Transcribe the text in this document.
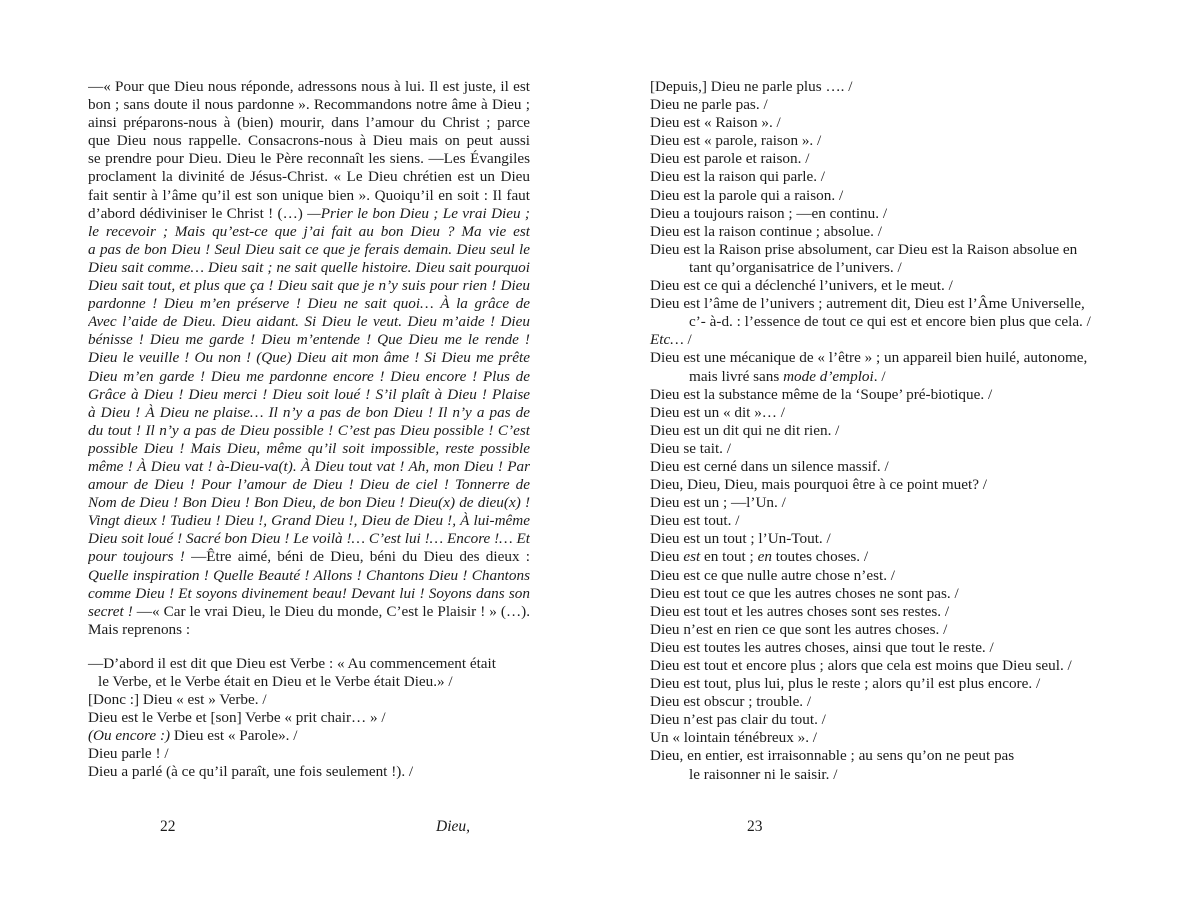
—« Pour que Dieu nous réponde, adressons nous à lui. Il est juste, il est
bon ; sans doute il nous pardonne ». Recommandons notre âme à Dieu ;
ainsi préparons-nous à (bien) mourir, dans l’amour du Christ ; parce
que Dieu nous rappelle. Consacrons-nous à Dieu mais on peut aussi
se prendre pour Dieu. Dieu le Père reconnaît les siens. —Les Évangiles
proclament la divinité de Jésus-Christ. « Le Dieu chrétien est un Dieu
fait sentir à l’âme qu’il est son unique bien ». Quoiqu’il en soit : Il faut
d’abord dédiviniser le Christ ! (…) —Prier le bon Dieu ; Le vrai Dieu ;
le recevoir ; Mais qu’est-ce que j’ai fait au bon Dieu ? Ma vie est
a pas de bon Dieu ! Seul Dieu sait ce que je ferais demain. Dieu seul le
Dieu sait comme… Dieu sait ; ne sait quelle histoire. Dieu sait pourquoi
Dieu sait tout, et plus que ça ! Dieu sait que je n’y suis pour rien ! Dieu
pardonne ! Dieu m’en préserve ! Dieu ne sait quoi… À la grâce de
Avec l’aide de Dieu. Dieu aidant. Si Dieu le veut. Dieu m’aide ! Dieu
bénisse ! Dieu me garde ! Dieu m’entende ! Que Dieu me le rende !
Dieu le veuille ! Ou non ! (Que) Dieu ait mon âme ! Si Dieu me prête
Dieu m’en garde ! Dieu me pardonne encore ! Dieu encore ! Plus de
Grâce à Dieu ! Dieu merci ! Dieu soit loué ! S’il plaît à Dieu ! Plaise
à Dieu ! À Dieu ne plaise… Il n’y a pas de bon Dieu ! Il n’y a pas de
du tout ! Il n’y a pas de Dieu possible ! C’est pas Dieu possible ! C’est
possible Dieu ! Mais Dieu, même qu’il soit impossible, reste possible
même ! À Dieu vat ! à-Dieu-va(t). À Dieu tout vat ! Ah, mon Dieu ! Par
amour de Dieu ! Pour l’amour de Dieu ! Dieu de ciel ! Tonnerre de
Nom de Dieu ! Bon Dieu ! Bon Dieu, de bon Dieu ! Dieu(x) de dieu(x) !
Vingt dieux ! Tudieu ! Dieu !, Grand Dieu !, Dieu de Dieu !, À lui-même
Dieu soit loué ! Sacré bon Dieu ! Le voilà !… C’est lui !… Encore !… Et
pour toujours ! —Être aimé, béni de Dieu, béni du Dieu des dieux :
Quelle inspiration ! Quelle Beauté ! Allons ! Chantons Dieu ! Chantons
comme Dieu ! Et soyons divinement beau! Devant lui ! Soyons dans son
secret ! —« Car le vrai Dieu, le Dieu du monde, C’est le Plaisir ! » (…).
Mais reprenons :
—D’abord il est dit que Dieu est Verbe : « Au commencement était
le Verbe, et le Verbe était en Dieu et le Verbe était Dieu.» /
[Donc :] Dieu « est » Verbe. /
Dieu est le Verbe et [son] Verbe « prit chair… » /
(Ou encore :) Dieu est « Parole». /
Dieu parle ! /
Dieu a parlé (à ce qu’il paraît, une fois seulement !). /
[Depuis,] Dieu ne parle plus …. /
Dieu ne parle pas. /
Dieu est « Raison ». /
Dieu est « parole, raison ». /
Dieu est parole et raison. /
Dieu est la raison qui parle. /
Dieu est la parole qui a raison. /
Dieu a toujours raison ; —en continu. /
Dieu est la raison continue ; absolue. /
Dieu est la Raison prise absolument, car Dieu est la Raison absolue en
tant qu’organisatrice de l’univers. /
Dieu est ce qui a déclenché l’univers, et le meut. /
Dieu est l’âme de l’univers ; autrement dit, Dieu est l’Âme Universelle,
c’- à-d. : l’essence de tout ce qui est et encore bien plus que cela. /
Etc… /
Dieu est une mécanique de « l’être » ; un appareil bien huilé, autonome,
mais livré sans mode d’emploi. /
Dieu est la substance même de la ‘Soupe’ pré-biotique. /
Dieu est un « dit »… /
Dieu est un dit qui ne dit rien. /
Dieu se tait. /
Dieu est cerné dans un silence massif. /
Dieu, Dieu, Dieu, mais pourquoi être à ce point muet? /
Dieu est un ; —l’Un. /
Dieu est tout. /
Dieu est un tout ; l’Un-Tout. /
Dieu est en tout ; en toutes choses. /
Dieu est ce que nulle autre chose n’est. /
Dieu est tout ce que les autres choses ne sont pas. /
Dieu est tout et les autres choses sont ses restes. /
Dieu n’est en rien ce que sont les autres choses. /
Dieu est toutes les autres choses, ainsi que tout le reste. /
Dieu est tout et encore plus ; alors que cela est moins que Dieu seul. /
Dieu est tout, plus lui, plus le reste ; alors qu’il est plus encore. /
Dieu est obscur ; trouble. /
Dieu n’est pas clair du tout. /
Un « lointain ténébreux ». /
Dieu, en entier, est irraisonnable ; au sens qu’on ne peut pas
le raisonner ni le saisir. /
22	Dieu,	23
